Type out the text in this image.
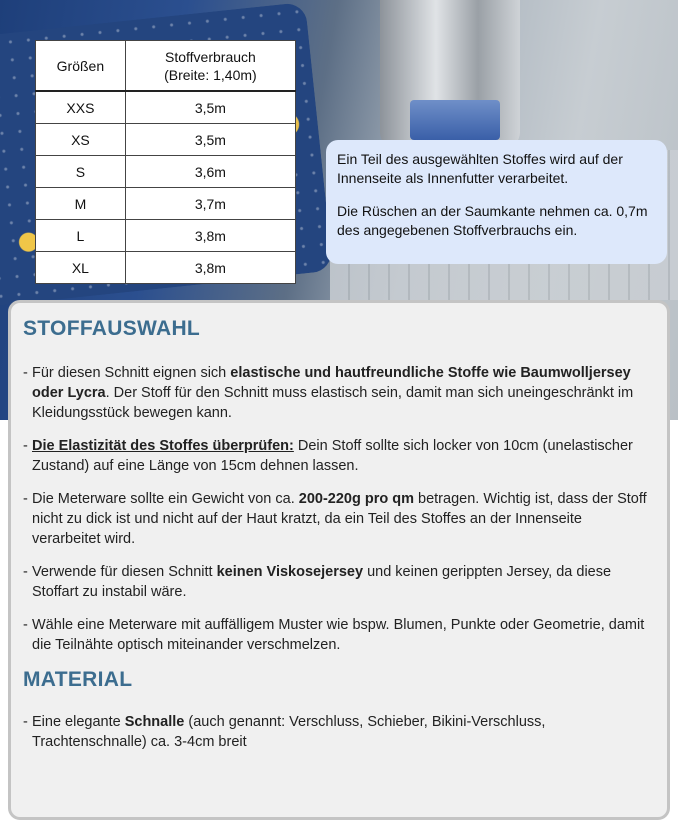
Größen	Stoffverbrauch
(Breite: 1,40m)
XXS	3,5m
XS	3,5m
S	3,6m
M	3,7m
L	3,8m
XL	3,8m

Ein Teil des ausgewählten Stoffes wird auf der Innenseite als Innenfutter verarbeitet.

Die Rüschen an der Saumkante nehmen ca. 0,7m des angegebenen Stoffverbrauchs ein.

STOFFAUSWAHL
- Für diesen Schnitt eignen sich elastische und hautfreundliche Stoffe wie Baumwolljersey oder Lycra. Der Stoff für den Schnitt muss elastisch sein, damit man sich uneingeschränkt im Kleidungsstück bewegen kann.
- Die Elastizität des Stoffes überprüfen: Dein Stoff sollte sich locker von 10cm (unelastischer Zustand) auf eine Länge von 15cm dehnen lassen.
- Die Meterware sollte ein Gewicht von ca. 200-220g pro qm betragen. Wichtig ist, dass der Stoff nicht zu dick ist und nicht auf der Haut kratzt, da ein Teil des Stoffes an der Innenseite verarbeitet wird.
- Verwende für diesen Schnitt keinen Viskosejersey und keinen gerippten Jersey, da diese Stoffart zu instabil wäre.
- Wähle eine Meterware mit auffälligem Muster wie bspw. Blumen, Punkte oder Geometrie, damit die Teilnähte optisch miteinander verschmelzen.
MATERIAL
- Eine elegante Schnalle (auch genannt: Verschluss, Schieber, Bikini-Verschluss, Trachtenschnalle) ca. 3-4cm breit
